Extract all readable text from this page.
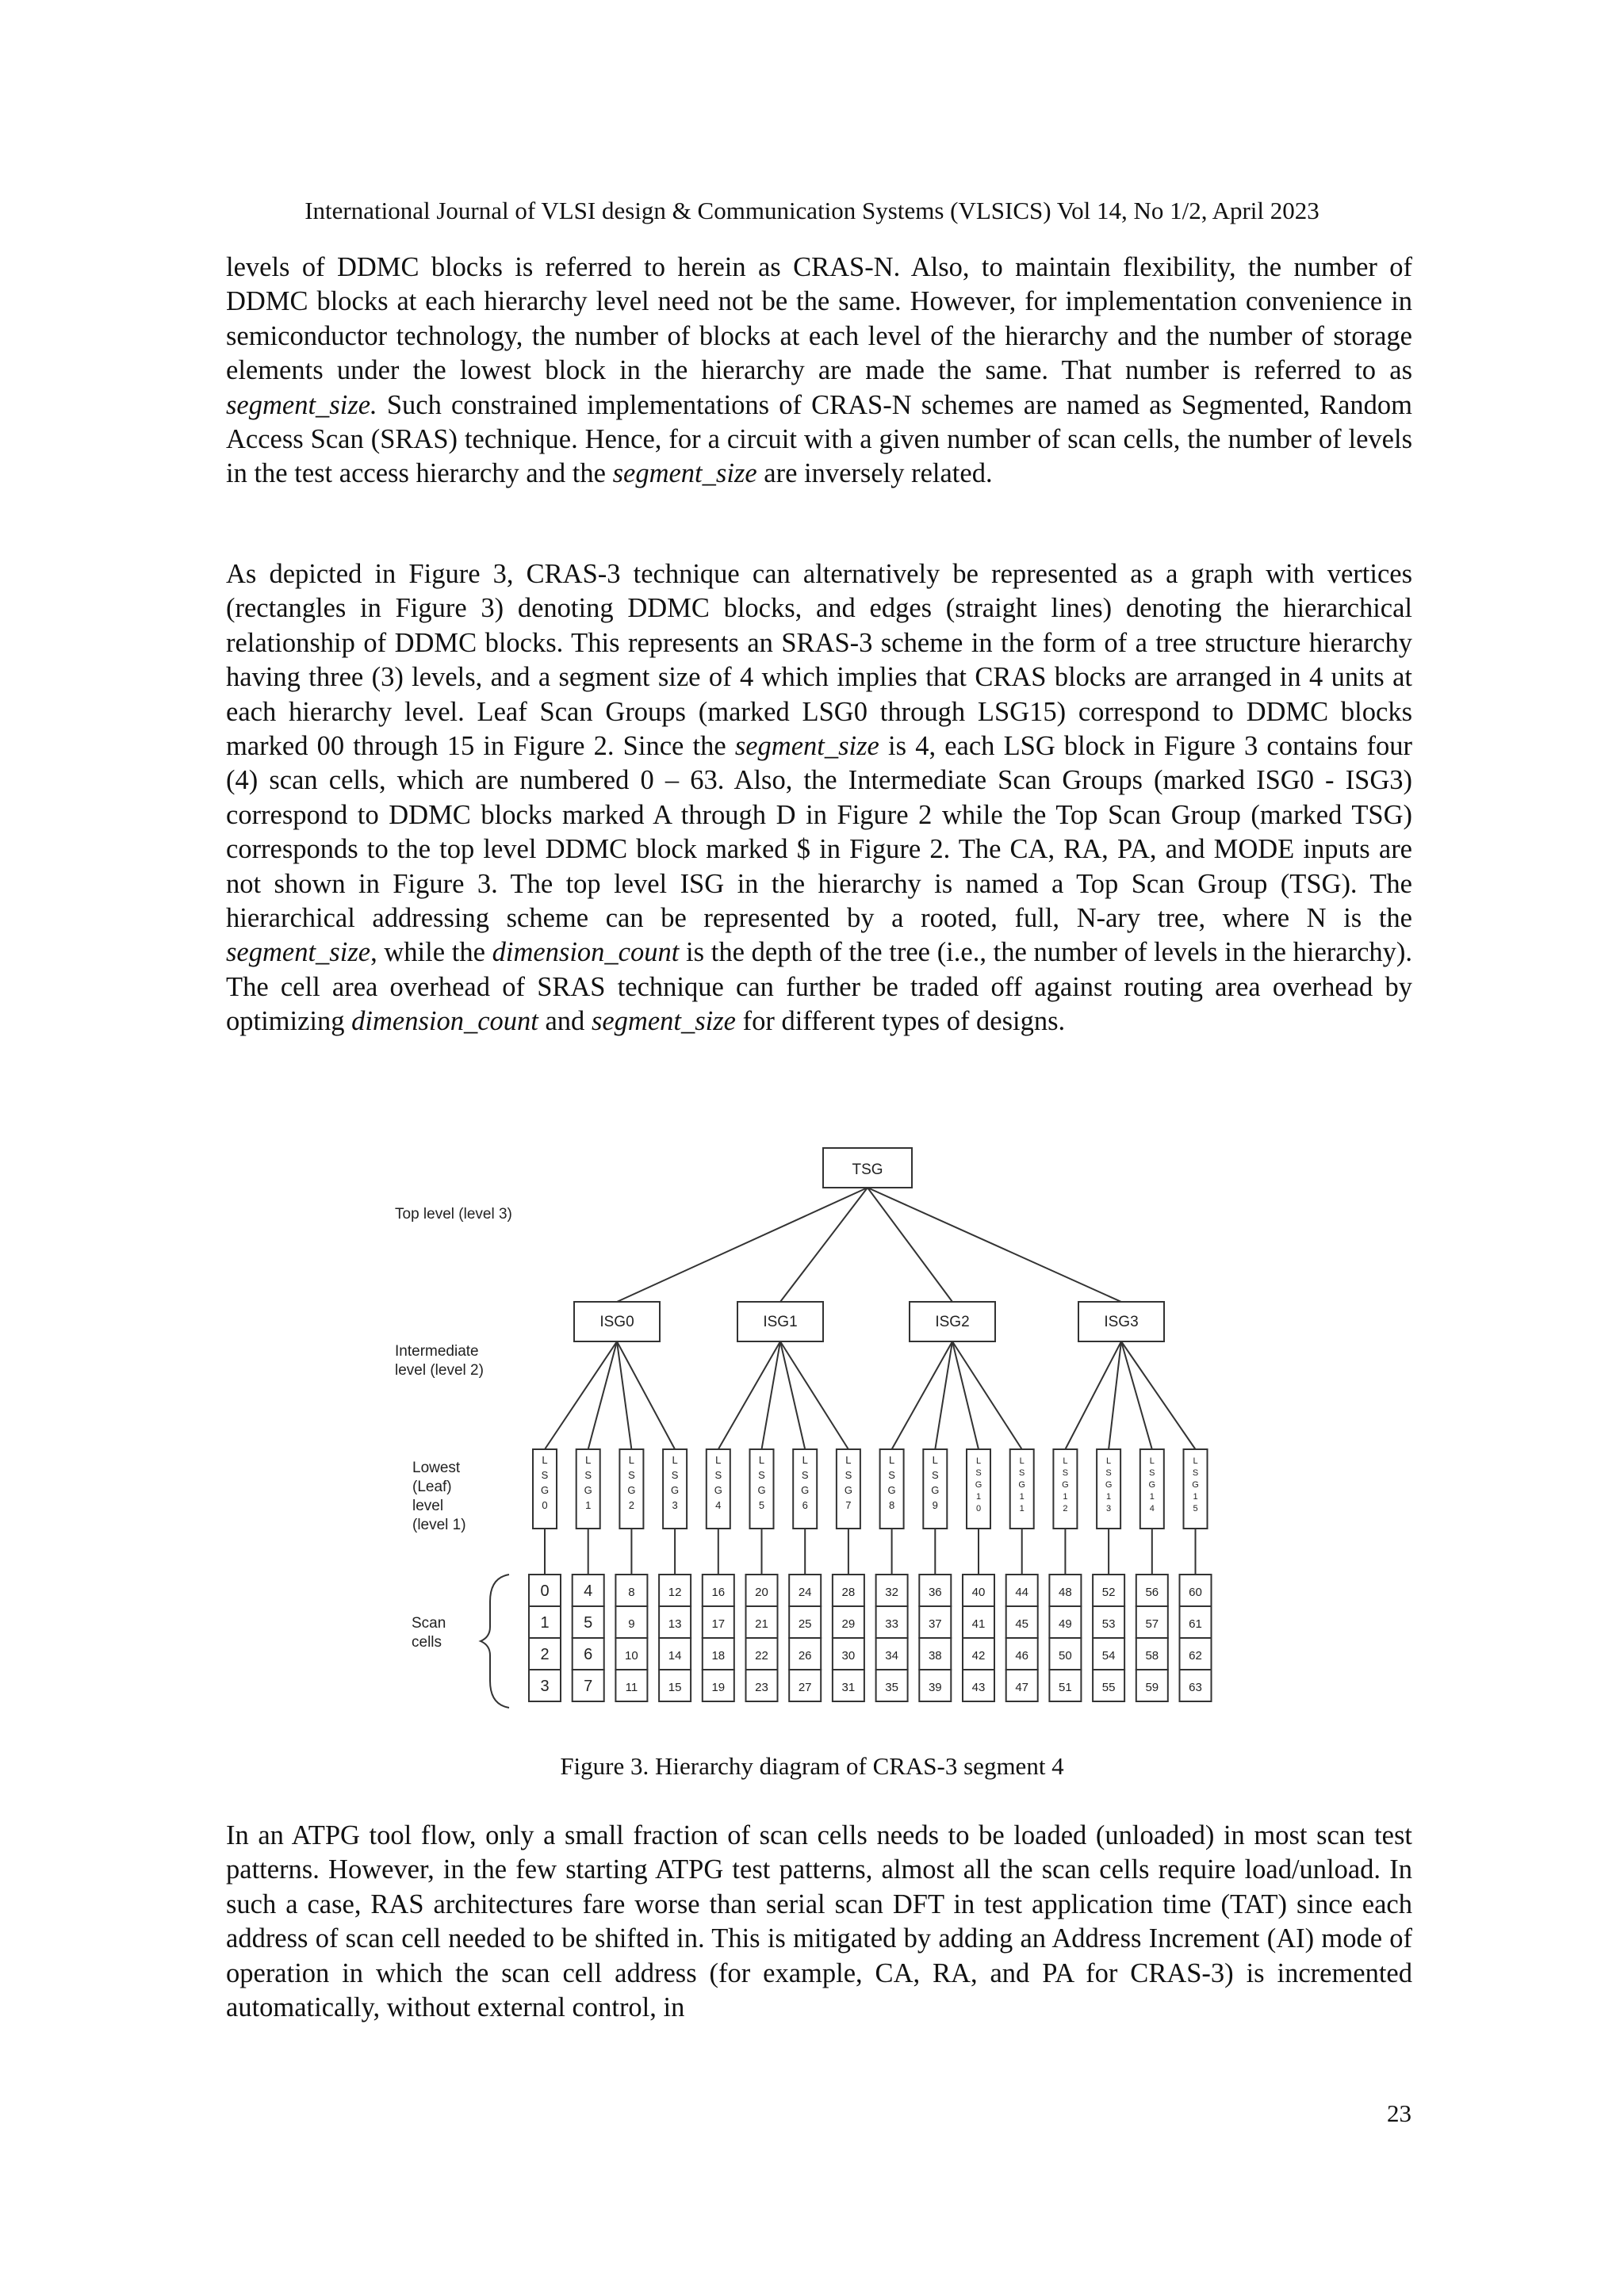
International Journal of VLSI design & Communication Systems (VLSICS) Vol 14, No 1/2, April 2023

levels of DDMC blocks is referred to herein as CRAS-N. Also, to maintain flexibility, the number of DDMC blocks at each hierarchy level need not be the same. However, for implementation convenience in semiconductor technology, the number of blocks at each level of the hierarchy and the number of storage elements under the lowest block in the hierarchy are made the same. That number is referred to as segment_size. Such constrained implementations of CRAS-N schemes are named as Segmented, Random Access Scan (SRAS) technique. Hence, for a circuit with a given number of scan cells, the number of levels in the test access hierarchy and the segment_size are inversely related.

As depicted in Figure 3, CRAS-3 technique can alternatively be represented as a graph with vertices (rectangles in Figure 3) denoting DDMC blocks, and edges (straight lines) denoting the hierarchical relationship of DDMC blocks. This represents an SRAS-3 scheme in the form of a tree structure hierarchy having three (3) levels, and a segment size of 4 which implies that CRAS blocks are arranged in 4 units at each hierarchy level. Leaf Scan Groups (marked LSG0 through LSG15) correspond to DDMC blocks marked 00 through 15 in Figure 2. Since the segment_size is 4, each LSG block in Figure 3 contains four (4) scan cells, which are numbered 0 – 63. Also, the Intermediate Scan Groups (marked ISG0 - ISG3) correspond to DDMC blocks marked A through D in Figure 2 while the Top Scan Group (marked TSG) corresponds to the top level DDMC block marked $ in Figure 2. The CA, RA, PA, and MODE inputs are not shown in Figure 3. The top level ISG in the hierarchy is named a Top Scan Group (TSG). The hierarchical addressing scheme can be represented by a rooted, full, N-ary tree, where N is the segment_size, while the dimension_count is the depth of the tree (i.e., the number of levels in the hierarchy). The cell area overhead of SRAS technique can further be traded off against routing area overhead by optimizing dimension_count and segment_size for different types of designs.

Top level (level 3)
Intermediate
level (level 2)
Lowest
(Leaf)
level
(level 1)
Scan
cells
TSG
ISG0	ISG1	ISG2	ISG3
L
S
G
0
L
S
G
1
L
S
G
2
L
S
G
3
L
S
G
4
L
S
G
5
L
S
G
6
L
S
G
7
L
S
G
8
L
S
G
9
L
S
G
1
0
L
S
G
1
1
L
S
G
1
2
L
S
G
1
3
L
S
G
1
4
L
S
G
1
5
0
1
2
3
4
5
6
7
8
9
10
11
12
13
14
15
16
17
18
19
20
21
22
23
24
25
26
27
28
29
30
31
32
33
34
35
36
37
38
39
40
41
42
43
44
45
46
47
48
49
50
51
52
53
54
55
56
57
58
59
60
61
62
63
Figure 3. Hierarchy diagram of CRAS-3 segment 4

In an ATPG tool flow, only a small fraction of scan cells needs to be loaded (unloaded) in most scan test patterns. However, in the few starting ATPG test patterns, almost all the scan cells require load/unload. In such a case, RAS architectures fare worse than serial scan DFT in test application time (TAT) since each address of scan cell needed to be shifted in. This is mitigated by adding an Address Increment (AI) mode of operation in which the scan cell address (for example, CA, RA, and PA for CRAS-3) is incremented automatically, without external control, in

23
